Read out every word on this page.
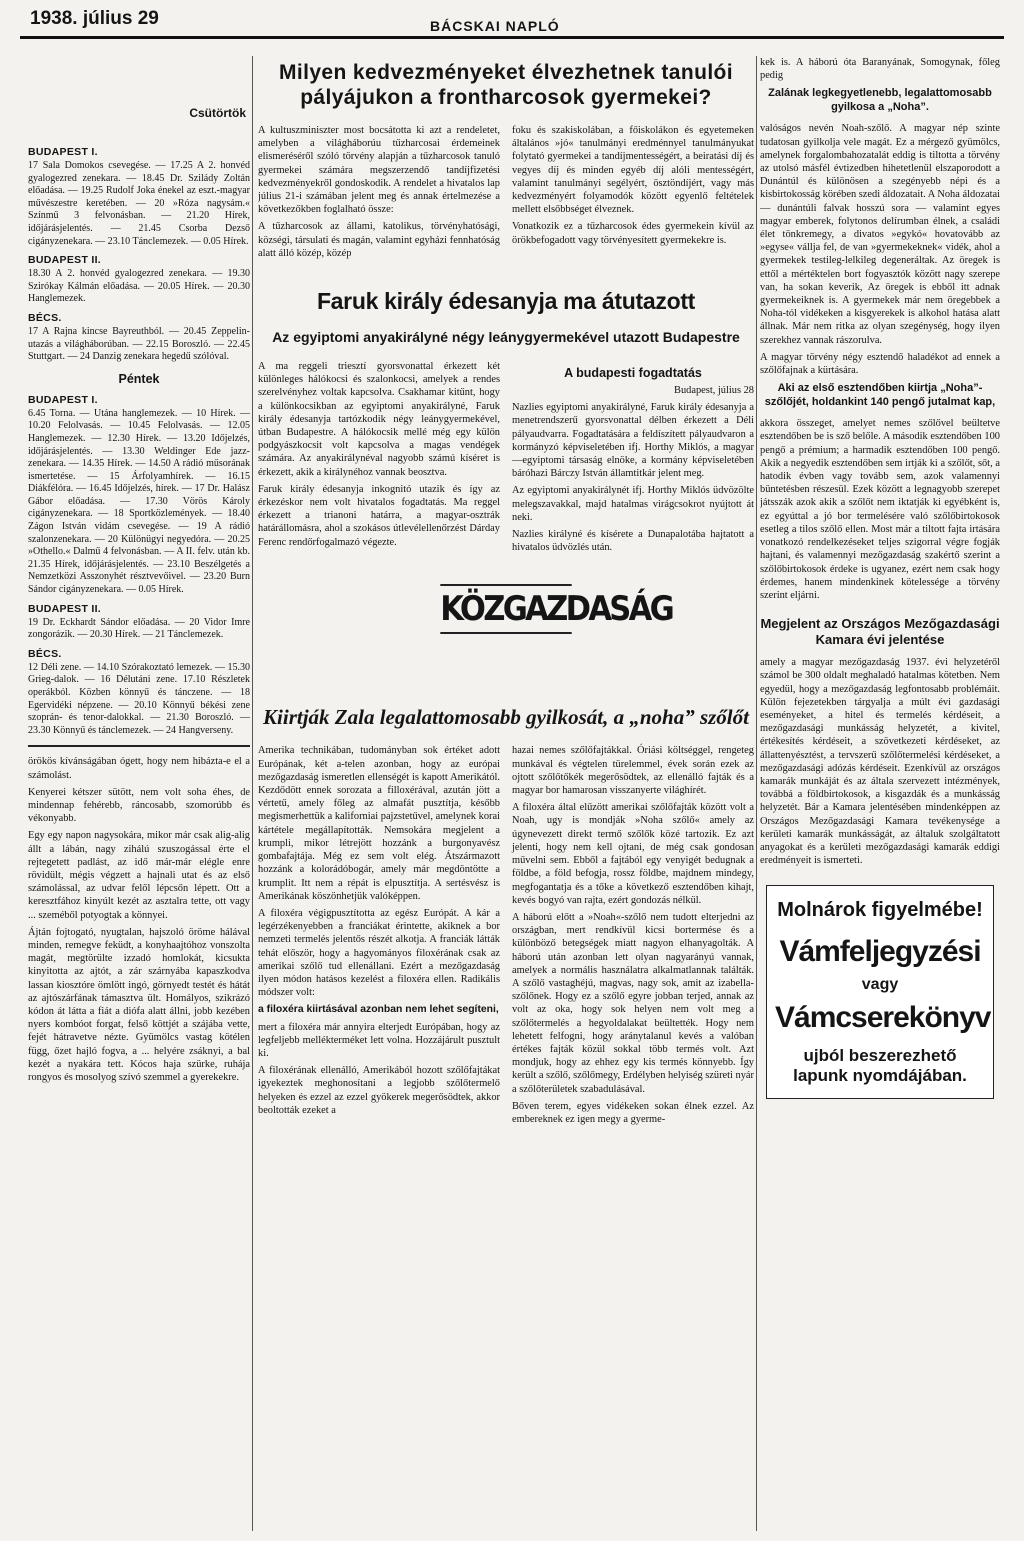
1938. július 29	BÁCSKAI NAPLÓ
Csütörtök
BUDAPEST I.

17 Sala Domokos csevegése. — 17.25 A 2. honvéd gyalogezred zenekara. — 18.45 Dr. Szilády Zoltán előadása. — 19.25 Rudolf Joka énekel az eszt.-magyar művészestre keretében. — 20 »Róza nagysám.« Színmű 3 felvonásban. — 21.20 Hírek, időjárásjelentés. — 21.45 Csorba Dezső cigányzenekara. — 23.10 Tánclemezek. — 0.05 Hírek.

BUDAPEST II.

18.30 A 2. honvéd gyalogezred zenekara. — 19.30 Szirókay Kálmán előadása. — 20.05 Hírek. — 20.30 Hanglemezek.

BÉCS.

17 A Rajna kincse Bayreuthból. — 20.45 Zeppelin-utazás a világháborúban. — 22.15 Boroszló. — 22.45 Stuttgart. — 24 Danzig zenekara hegedű szólóval.

Péntek
BUDAPEST I.

6.45 Torna. — Utána hanglemezek. — 10 Hírek. — 10.20 Felolvasás. — 10.45 Felolvasás. — 12.05 Hanglemezek. — 12.30 Hírek. — 13.20 Időjelzés, időjárásjelentés. — 13.30 Weldinger Ede jazz-zenekara. — 14.35 Hírek. — 14.50 A rádió műsorának ismertetése. — 15 Árfolyamhírek. — 16.15 Diákfélóra. — 16.45 Időjelzés, hírek. — 17 Dr. Halász Gábor előadása. — 17.30 Vörös Károly cigányzenekara. — 18 Sportközlemények. — 18.40 Zágon István vidám csevegése. — 19 A rádió szalonzenekara. — 20 Különügyi negyedóra. — 20.25 »Othello.« Dalmű 4 felvonásban. — A II. felv. után kb. 21.35 Hírek, időjárásjelentés. — 23.10 Beszélgetés a Nemzetközi Asszonyhét résztvevőivel. — 23.20 Burn Sándor cigányzenekara. — 0.05 Hírek.

BUDAPEST II.

19 Dr. Eckhardt Sándor előadása. — 20 Vidor Imre zongorázik. — 20.30 Hírek. — 21 Tánclemezek.

BÉCS.

12 Déli zene. — 14.10 Szórakoztató lemezek. — 15.30 Grieg-dalok. — 16 Délutáni zene. 17.10 Részletek operákból. Közben könnyű és tánczene. — 18 Egervidéki népzene. — 20.10 Könnyű békési zene szoprán- és tenor-dalokkal. — 21.30 Boroszló. — 23.30 Könnyű és tánclemezek. — 24 Hangverseny.

örökös kívánságában ógett, hogy nem hibázta-e el a számolást.

Kenyerei kétszer sütött, nem volt soha éhes, de mindennap fehérebb, ráncosabb, szomorúbb és vékonyabb.

Egy egy napon nagysokára, mikor már csak alig-alig állt a lábán, nagy zihálú szuszogással érte el rejtegetett padlást, az idő már-már elégle enre rövidült, mégis végzett a hajnali utat és az első számolással, az udvar felől lépcsőn lépett. Ott a keresztfához kinyúlt kezét az asztalra tette, ott vagy ... szeméből potyogtak a könnyei.

Ájtán fojtogató, nyugtalan, hajszoló öröme hálával minden, remegve feküdt, a konyhaajtóhoz vonszolta magát, megtörülte izzadó homlokát, kicsukta kinyitotta az ajtót, a zár szárnyába kapaszkodva lassan kiosztóre ömlött ingó, görnyedt testét és hátát az ajtószárfának támasztva ült. Homályos, szikrázó kódon át látta a fiát a diófa alatt állni, jobb kezében nyers kombóot forgat, felső köttjét a szájába vette, fejét hátravetve nézte. Gyümölcs vastag kötélen függ, őzet hajló fogva, a ... helyére zsáknyi, a bal kezét a nyakára tett. Kócos haja szürke, ruhája rongyos és mosolyog szívó szemmel a gyerekekre.

Milyen kedvezményeket élvezhetnek tanulói pályájukon a frontharcosok gyermekei?

A kultuszminiszter most bocsátotta ki azt a rendeletet, amelyben a világháborúu tűzharcosai érdemeinek elismeréséről szóló törvény alapján a tűzharcosok tanuló gyermekei számára megszerzendő tandíjfizetési kedvezményekről gondoskodik. A rendelet a hivatalos lap július 21-i számában jelent meg és annak értelmezése a következőkben foglalható össze:

A tűzharcosok az állami, katolikus, törvényhatósági, községi, társulati és magán, valamint egyházi fennhatóság alatt álló közép, közép

foku és szakiskolában, a főiskolákon és egyetemeken általános »jó« tanulmányi eredménnyel tanulmányukat folytató gyermekei a tandíjmentességért, a beiratási díj és vegyes díj és minden egyéb díj alóli mentességért, valamint tanulmányi segélyért, ösztöndíjért, vagy más kedvezményért folyamodók között egyenlő feltételek mellett elsőbbséget élveznek.

Vonatkozik ez a tűzharcosok édes gyermekein kívül az örökbefogadott vagy törvényesített gyermekekre is.

Faruk király édesanyja ma átutazott
Az egyiptomi anyakirályné négy leánygyermekével utazott Budapestre

A ma reggeli triesztí gyorsvonattal érkezett két különleges hálókocsi és szalonkocsi, amelyek a rendes szerelvényhez voltak kapcsolva. Csakhamar kitűnt, hogy a különkocsikban az egyiptomi anyakirályné, Faruk király édesanyja tartózkodik négy leánygyermekével, útban Budapestre. A hálókocsik mellé még egy külön podgyászkocsit volt kapcsolva a magas vendégek számára. Az anyakirálynéval nagyobb számú kíséret is érkezett, akik a királynéhoz vannak beosztva.

Faruk király édesanyja inkognitó utazik és így az érkezéskor nem volt hivatalos fogadtatás. Ma reggel érkezett a trianoni határra, a magyar-osztrák határállomásra, ahol a szokásos útlevélellenőrzést Dárday Ferenc rendőrfogalmazó végezte.

A budapesti fogadtatás

Budapest, július 28

Nazlies egyiptomi anyakirályné, Faruk király édesanyja a menetrendszerű gyorsvonattal délben érkezett a Déli pályaudvarra. Fogadtatására a feldíszített pályaudvaron a kormányzó képviseletében ifj. Horthy Miklós, a magyar—egyiptomi társaság elnöke, a kormány képviseletében báróhazi Bárczy István államtitkár jelent meg.

Az egyiptomi anyakirálynét ifj. Horthy Miklós üdvözölte melegszavakkal, majd hatalmas virágcsokrot nyújtott át neki.

Nazlies királyné és kísérete a Dunapalotába hajtatott a hivatalos üdvözlés után.

KÖZGAZDASÁG
Kiirtják Zala legalattomosabb gyilkosát, a „noha” szőlőt

Amerika technikában, tudományban sok értéket adott Európának, két a-telen azonban, hogy az európai mezőgazdaság ismeretlen ellenségét is kapott Amerikától. Kezdődött ennek sorozata a filloxérával, azután jött a vértetű, amely főleg az almafát pusztítja, később megismerhettük a kaliforniai pajzstetűvel, amelynek korai kártétele megállapították. Nemsokára megjelent a krumpli, mikor létrejött hozzánk a burgonyavész gombafajtája. Még ez sem volt elég. Átszármazott hozzánk a kolorádóbogár, amely már megdöntötte a krumplit. Itt nem a répát is elpusztítja. A sertésvész is Amerikának köszönhetjük valóképpen.

A filoxéra végigpusztította az egész Európát. A kár a legérzékenyebben a franciákat érintette, akiknek a bor nemzeti termelés jelentős részét alkotja. A franciák látták tehát először, hogy a hagyományos filoxérának csak az amerikai szőlő tud ellenállani. Ezért a mezőgazdaság ilyen módon hatásos kezelést a filoxéra ellen. Radikális módszer volt:

a filoxéra kiirtásával azonban nem lehet segíteni,

mert a filoxéra már annyira elterjedt Európában, hogy az legfeljebb mellékterméket lett volna. Hozzájárult pusztult ki.

A filoxérának ellenálló, Amerikából hozott szőlőfajtákat igyekeztek meghonosítani a legjobb szőlőtermelő helyeken és ezzel az ezzel gyökerek megerősödtek, akkor beoltották ezeket a

hazai nemes szőlőfajtákkal. Óriási költséggel, rengeteg munkával és végtelen türelemmel, évek során ezek az ojtott szőlőtőkék megerősödtek, az ellenálló fajták és a magyar bor hamarosan visszanyerte világhírét.

A filoxéra által elűzött amerikai szőlőfajták között volt a Noah, ugy is mondják »Noha szőlő« amely az úgynevezett direkt termő szőlők közé tartozik. Ez azt jelenti, hogy nem kell ojtani, de még csak gondosan művelni sem. Ebből a fajtából egy venyigét bedugnak a földbe, a föld befogja, rossz földbe, majdnem mindegy, megfogantatja és a tőke a következő esztendőben kihajt, kevés bogyó van rajta, ezért gondozás nélkül.

A háború előtt a »Noah«-szőlő nem tudott elterjedni az országban, mert rendkívül kicsi bortermése és a különböző betegségek miatt nagyon elhanyagolták. A háború után azonban lett olyan nagyarányú vannak, amelyek a normális használatra alkalmatlannak találták. A szőlő vastaghéjú, magvas, nagy sok, amit az izabella-szőlőnek. Hogy ez a szőlő egyre jobban terjed, annak az volt az oka, hogy sok helyen nem volt meg a szőlőtermelés a hegyoldalakat beültették. Hogy nem lehetett felfogni, hogy aránytalanul kevés a valóban értékes fajták közül sokkal több termés volt. Azt mondjuk, hogy az ehhez egy kis termés könnyebb. Így került a szőlő, szőlőmegy, Erdélyben helyiség szüreti nyár a szőlőterületek szabadulásával.

Bőven terem, egyes vidékeken sokan élnek ezzel. Az embereknek ez igen megy a gyerme-

kek is. A háború óta Baranyának, Somogynak, főleg pedig

Zalának legkegyetlenebb, legalattomosabb gyilkosa a „Noha”.

valóságos nevén Noah-szőlő. A magyar nép szinte tudatosan gyilkolja vele magát. Ez a mérgező gyümölcs, amelynek forgalombahozatalát eddig is tiltotta a törvény az utolsó másfél évtizedben hihetetlenül elszaporodott a Dunántúl és különösen a szegényebb népi és a kisbirtokosság körében szedi áldozatait. A Noha áldozatai — dunántúli falvak hosszú sora — valamint egyes magyar emberek, folytonos delírumban élnek, a családi élet tönkremegy, a divatos »egykó« hovatovább az »egyse« vállja fel, de van »gyermekeknek« vidék, ahol a gyermekek testileg-lelkileg degeneráltak. Az öregek is ettől a mértéktelen bort fogyasztók között nagy szerepe van, ha sokan keverik, Az öregek is ebből itt adnak gyermekeiknek is. A gyermekek már nem öregebbek a Noha-tól vidékeken a kisgyerekek is alkohol hatása alatt állnak. Már nem ritka az olyan szegénység, hogy ilyen szerekhez vannak rászorulva.

A magyar törvény négy esztendő haladékot ad ennek a szőlőfajnak a kürtására.

Aki az első esztendőben kiirtja „Noha”-szőlőjét, holdankint 140 pengő jutalmat kap,

akkora összeget, amelyet nemes szőlővel beültetve esztendőben be is sző belőle. A második esztendőben 100 pengő a prémium; a harmadik esztendőben 100 pengő. Akik a negyedik esztendőben sem irtják ki a szőlőt, sőt, a hatodik évben vagy tovább sem, azok valamennyi büntetésben részesül. Ezek között a legnagyobb szerepet játsszák azok akik a szőlőt nem iktatják ki egyébként is, ez egyúttal a jó bor termelésére való szőlőbirtokosok esetleg a tilos szőlő ellen. Most már a tiltott fajta irtására vonatkozó rendelkezéseket teljes szigorral végre fogják hajtani, és valamennyi mezőgazdaság szakértő szerint a szőlőbirtokosok érdeke is ugyanez, ezért nem csak hogy érdemes, hanem mindenkinek kötelessége a törvény szerint eljárni.

Megjelent az Országos Mezőgazdasági Kamara évi jelentése

amely a magyar mezőgazdaság 1937. évi helyzetéről számol be 300 oldalt meghaladó hatalmas kötetben. Nem egyedül, hogy a mezőgazdaság legfontosabb problémáit. Külön fejezetekben tárgyalja a múlt évi gazdasági eseményeket, a hitel és termelés kérdéseit, a mezőgazdasági munkásság helyzetét, a kivitel, értékesítés kérdéseit, a szövetkezeti kérdéseket, az állattenyésztést, a tervszerű szőlőtermelési kérdéseket, a mezőgazdasági adózás kérdéseit. Ezenkívül az országos kamarák munkáját és az általa szervezett intézmények, továbbá a földbirtokosok, a kisgazdák és a munkásság helyzetét. Bár a Kamara jelentésében mindenképpen az Országos Mezőgazdasági Kamara tevékenysége a kerületi kamarák munkásságát, az általuk szolgáltatott anyagokat és a kerületi mezőgazdasági kamarák eddigi eredményeit is ismerteti.

Molnárok figyelmébe!
Vámfeljegyzési
vagy
Vámcserekönyv
ujból beszerezhető lapunk nyomdájában.
